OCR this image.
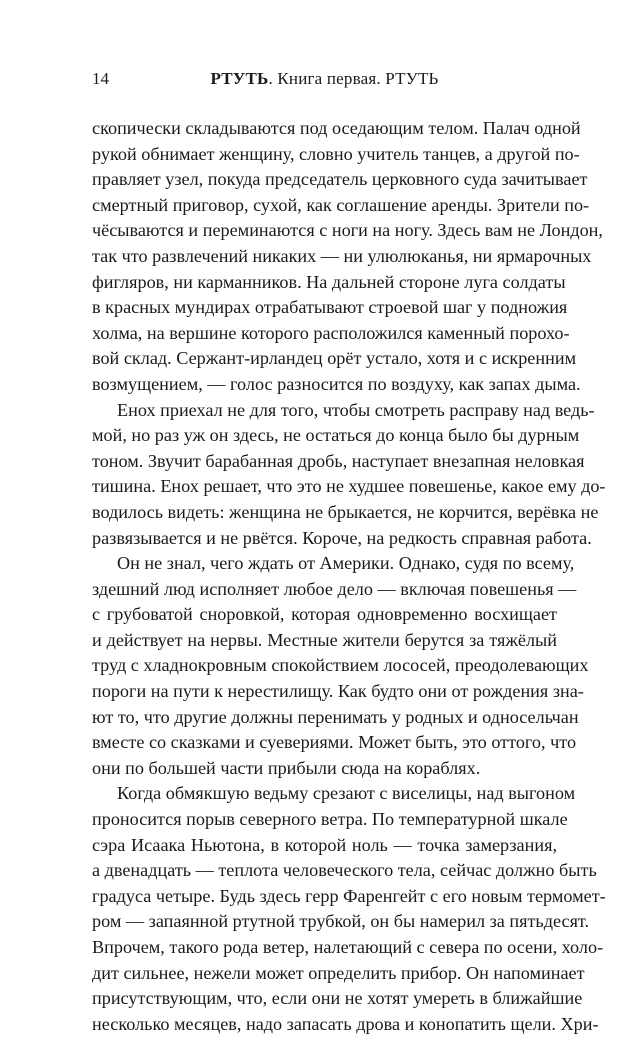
14	РТУТЬ. Книга первая. РТУТЬ
скопически складываются под оседающим телом. Палач одной
рукой обнимает женщину, словно учитель танцев, а другой по-
правляет узел, покуда председатель церковного суда зачитывает
смертный приговор, сухой, как соглашение аренды. Зрители по-
чёсываются и переминаются с ноги на ногу. Здесь вам не Лондон,
так что развлечений никаких — ни улюлюканья, ни ярмарочных
фигляров, ни карманников. На дальней стороне луга солдаты
в красных мундирах отрабатывают строевой шаг у подножия
холма, на вершине которого расположился каменный порохо-
вой склад. Сержант-ирландец орёт устало, хотя и с искренним
возмущением, — голос разносится по воздуху, как запах дыма.
Енох приехал не для того, чтобы смотреть расправу над ведь-
мой, но раз уж он здесь, не остаться до конца было бы дурным
тоном. Звучит барабанная дробь, наступает внезапная неловкая
тишина. Енох решает, что это не худшее повешенье, какое ему до-
водилось видеть: женщина не брыкается, не корчится, верёвка не
развязывается и не рвётся. Короче, на редкость справная работа.
Он не знал, чего ждать от Америки. Однако, судя по всему,
здешний люд исполняет любое дело — включая повешенья —
с грубоватой сноровкой, которая одновременно восхищает
и действует на нервы. Местные жители берутся за тяжёлый
труд с хладнокровным спокойствием лососей, преодолевающих
пороги на пути к нерестилищу. Как будто они от рождения зна-
ют то, что другие должны перенимать у родных и односельчан
вместе со сказками и суевериями. Может быть, это оттого, что
они по большей части прибыли сюда на кораблях.
Когда обмякшую ведьму срезают с виселицы, над выгоном
проносится порыв северного ветра. По температурной шкале
сэра Исаака Ньютона, в которой ноль — точка замерзания,
а двенадцать — теплота человеческого тела, сейчас должно быть
градуса четыре. Будь здесь герр Фаренгейт с его новым термомет-
ром — запаянной ртутной трубкой, он бы намерил за пятьдесят.
Впрочем, такого рода ветер, налетающий с севера по осени, холо-
дит сильнее, нежели может определить прибор. Он напоминает
присутствующим, что, если они не хотят умереть в ближайшие
несколько месяцев, надо запасать дрова и конопатить щели. Хри-
